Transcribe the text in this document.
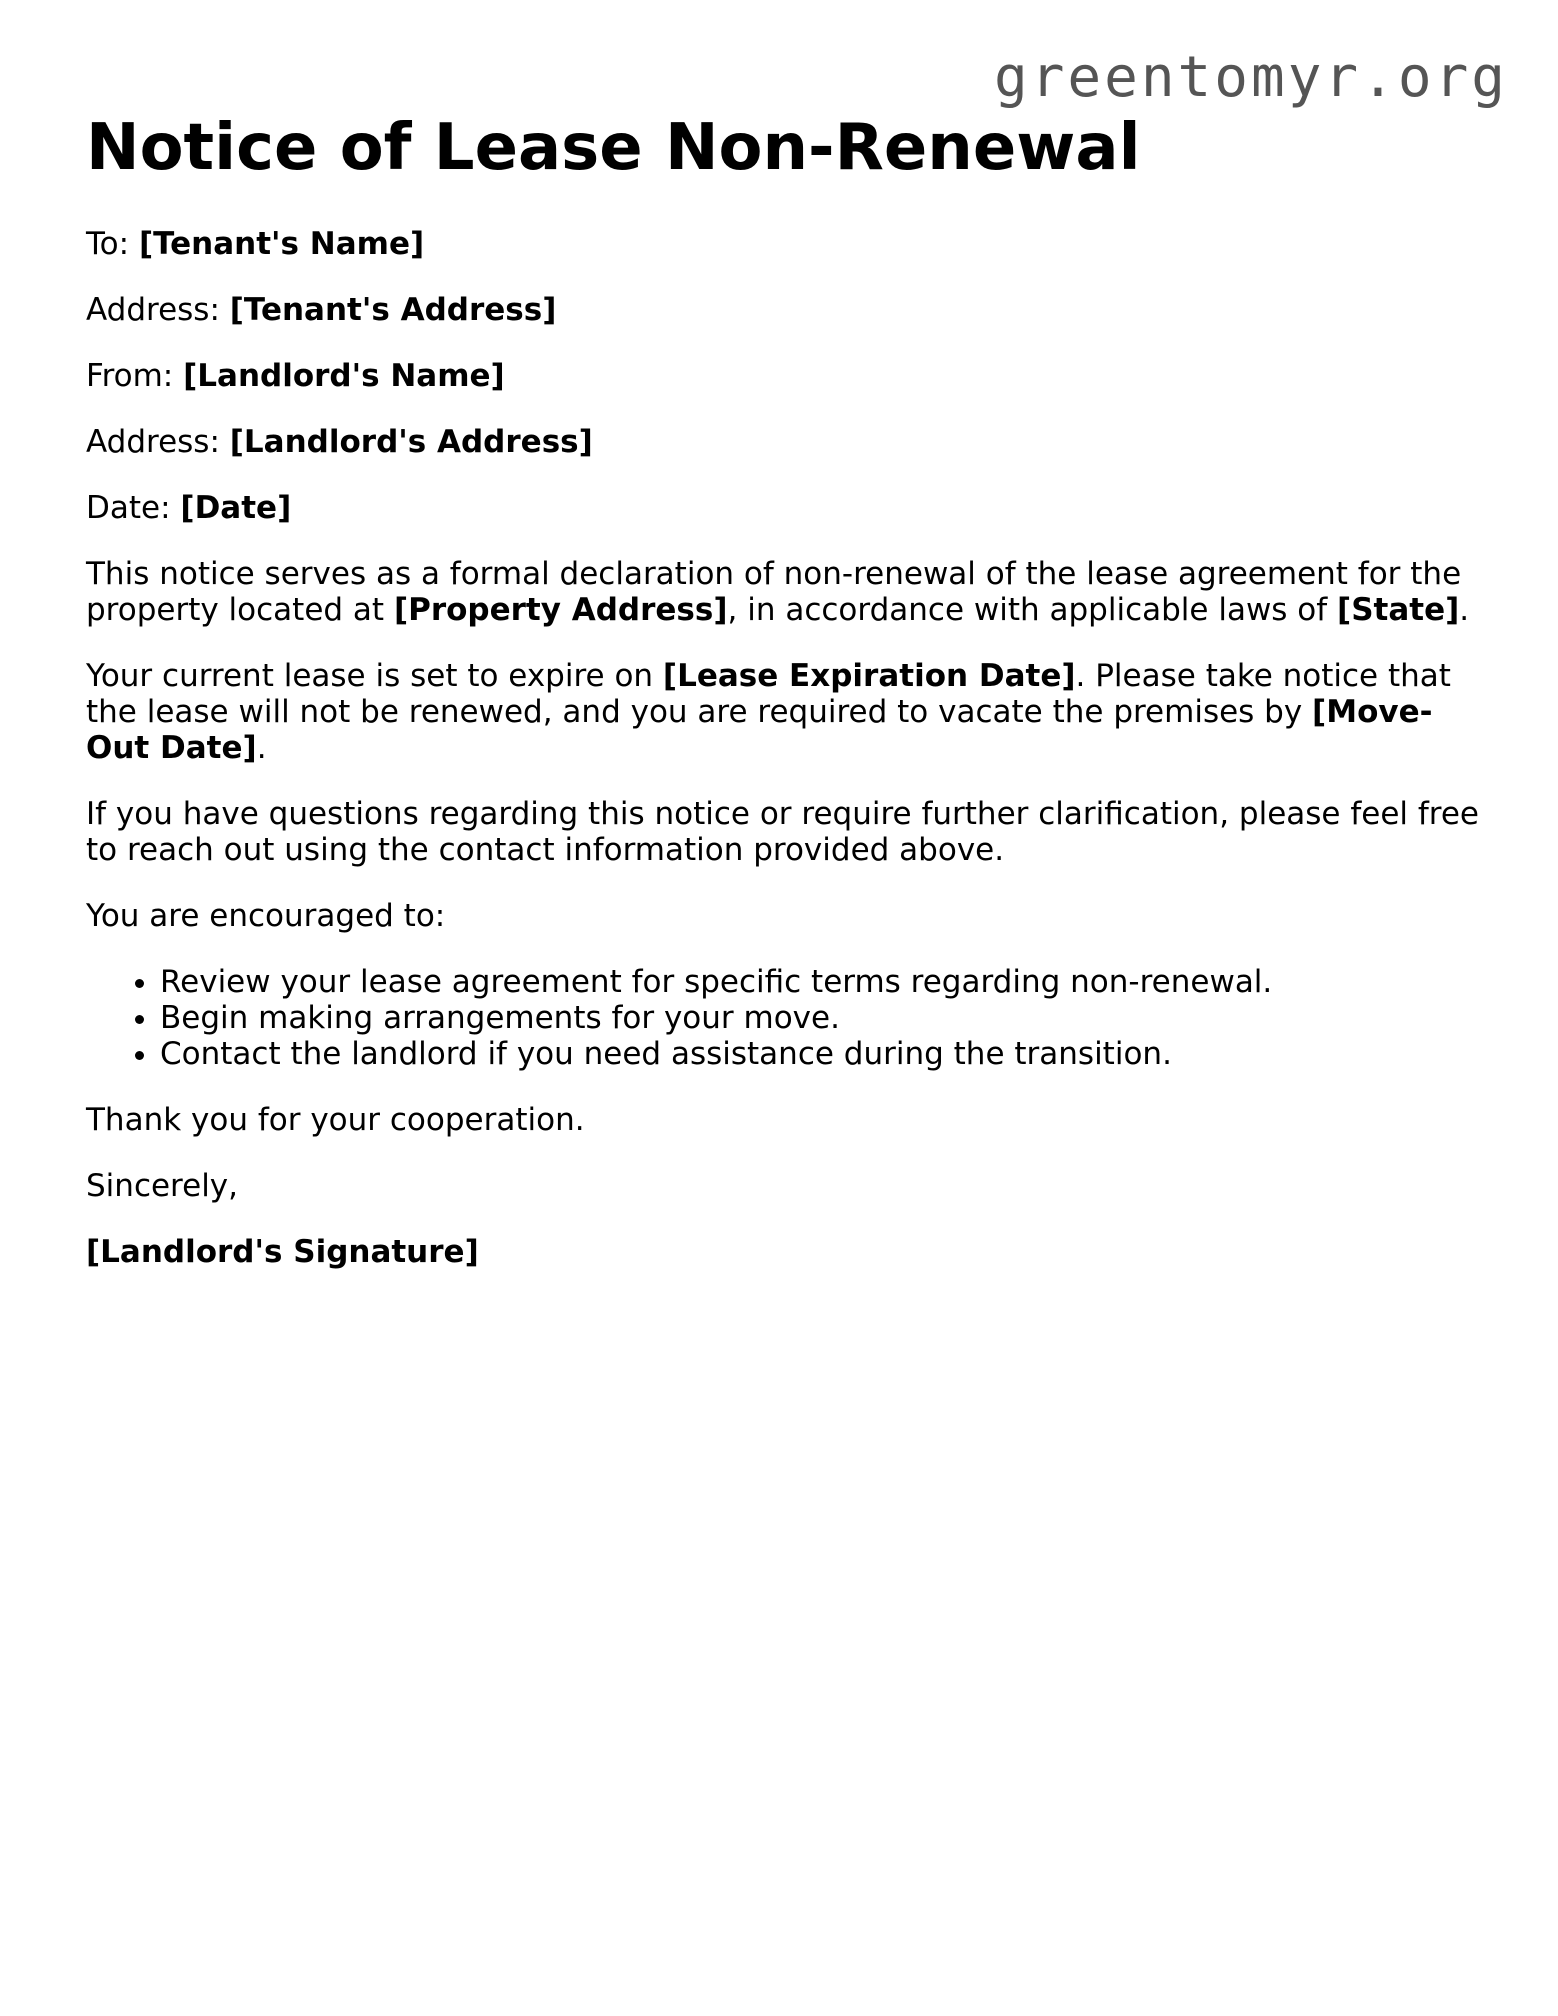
greentomyr.org
Notice of Lease Non-Renewal

To: [Tenant's Name]

Address: [Tenant's Address]

From: [Landlord's Name]

Address: [Landlord's Address]

Date: [Date]

This notice serves as a formal declaration of non-renewal of the lease agreement for the property located at [Property Address], in accordance with applicable laws of [State].

Your current lease is set to expire on [Lease Expiration Date]. Please take notice that the lease will not be renewed, and you are required to vacate the premises by [Move-Out Date].

If you have questions regarding this notice or require further clarification, please feel free to reach out using the contact information provided above.

You are encouraged to:

• Review your lease agreement for specific terms regarding non-renewal.
• Begin making arrangements for your move.
• Contact the landlord if you need assistance during the transition.

Thank you for your cooperation.

Sincerely,

[Landlord's Signature]
